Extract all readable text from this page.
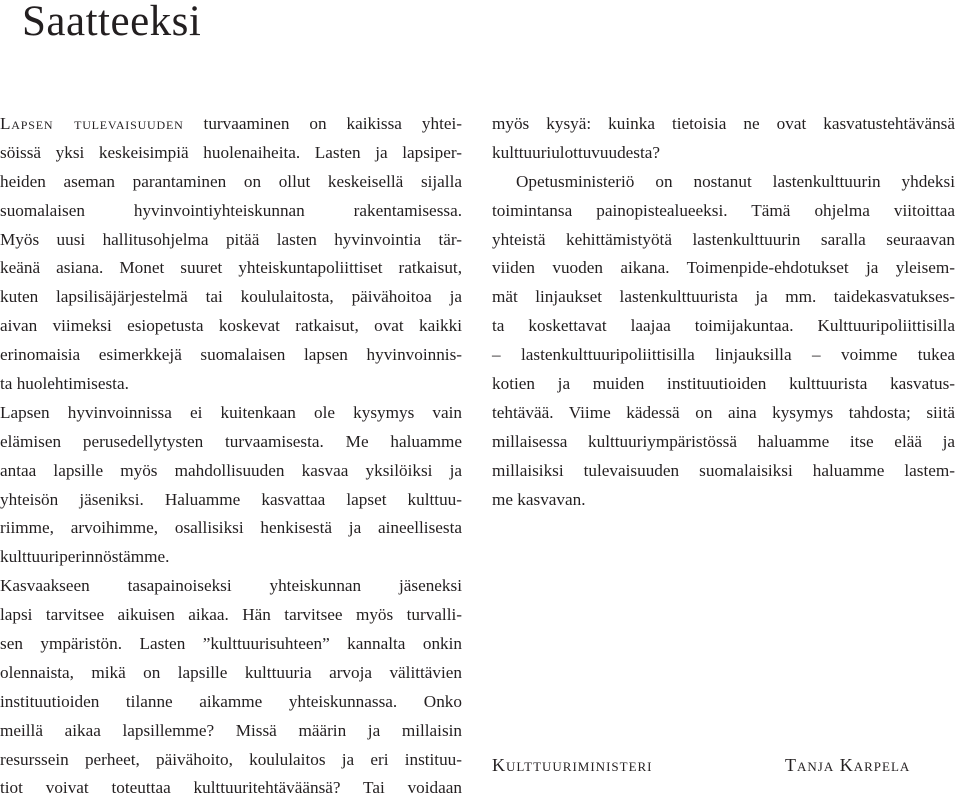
Saatteeksi
Lapsen tulevaisuuden turvaaminen on kaikissa yhtei-
söissä yksi keskeisimpiä huolenaiheita. Lasten ja lapsiper-
heiden aseman parantaminen on ollut keskeisellä sijalla
suomalaisen hyvinvointiyhteiskunnan rakentamisessa.
Myös uusi hallitusohjelma pitää lasten hyvinvointia tär-
keänä asiana. Monet suuret yhteiskuntapoliittiset ratkaisut,
kuten lapsilisäjärjestelmä tai koululaitosta, päivähoitoa ja
aivan viimeksi esiopetusta koskevat ratkaisut, ovat kaikki
erinomaisia esimerkkejä suomalaisen lapsen hyvinvoinnis-
ta huolehtimisesta.
Lapsen hyvinvoinnissa ei kuitenkaan ole kysymys vain
elämisen perusedellytysten turvaamisesta. Me haluamme
antaa lapsille myös mahdollisuuden kasvaa yksilöiksi ja
yhteisön jäseniksi. Haluamme kasvattaa lapset kulttuu-
riimme, arvoihimme, osallisiksi henkisestä ja aineellisesta
kulttuuriperinnöstämme.
Kasvaakseen tasapainoiseksi yhteiskunnan jäseneksi
lapsi tarvitsee aikuisen aikaa. Hän tarvitsee myös turvalli-
sen ympäristön. Lasten ”kulttuurisuhteen” kannalta onkin
olennaista, mikä on lapsille kulttuuria arvoja välittävien
instituutioiden tilanne aikamme yhteiskunnassa. Onko
meillä aikaa lapsillemme? Missä määrin ja millaisin
resurssein perheet, päivähoito, koululaitos ja eri instituu-
tiot voivat toteuttaa kulttuuritehtäväänsä? Tai voidaan
myös kysyä: kuinka tietoisia ne ovat kasvatustehtävänsä
kulttuuriulottuvuudesta?
Opetusministeriö on nostanut lastenkulttuurin yhdeksi
toimintansa painopistealueeksi. Tämä ohjelma viitoittaa
yhteistä kehittämistyötä lastenkulttuurin saralla seuraavan
viiden vuoden aikana. Toimenpide-ehdotukset ja yleisem-
mät linjaukset lastenkulttuurista ja mm. taidekasvatukses-
ta koskettavat laajaa toimijakuntaa. Kulttuuripoliittisilla
– lastenkulttuuripoliittisilla linjauksilla – voimme tukea
kotien ja muiden instituutioiden kulttuurista kasvatus-
tehtävää. Viime kädessä on aina kysymys tahdosta; siitä
millaisessa kulttuuriympäristössä haluamme itse elää ja
millaisiksi tulevaisuuden suomalaisiksi haluamme lastem-
me kasvavan.
Kulttuuriministeri	Tanja Karpela
